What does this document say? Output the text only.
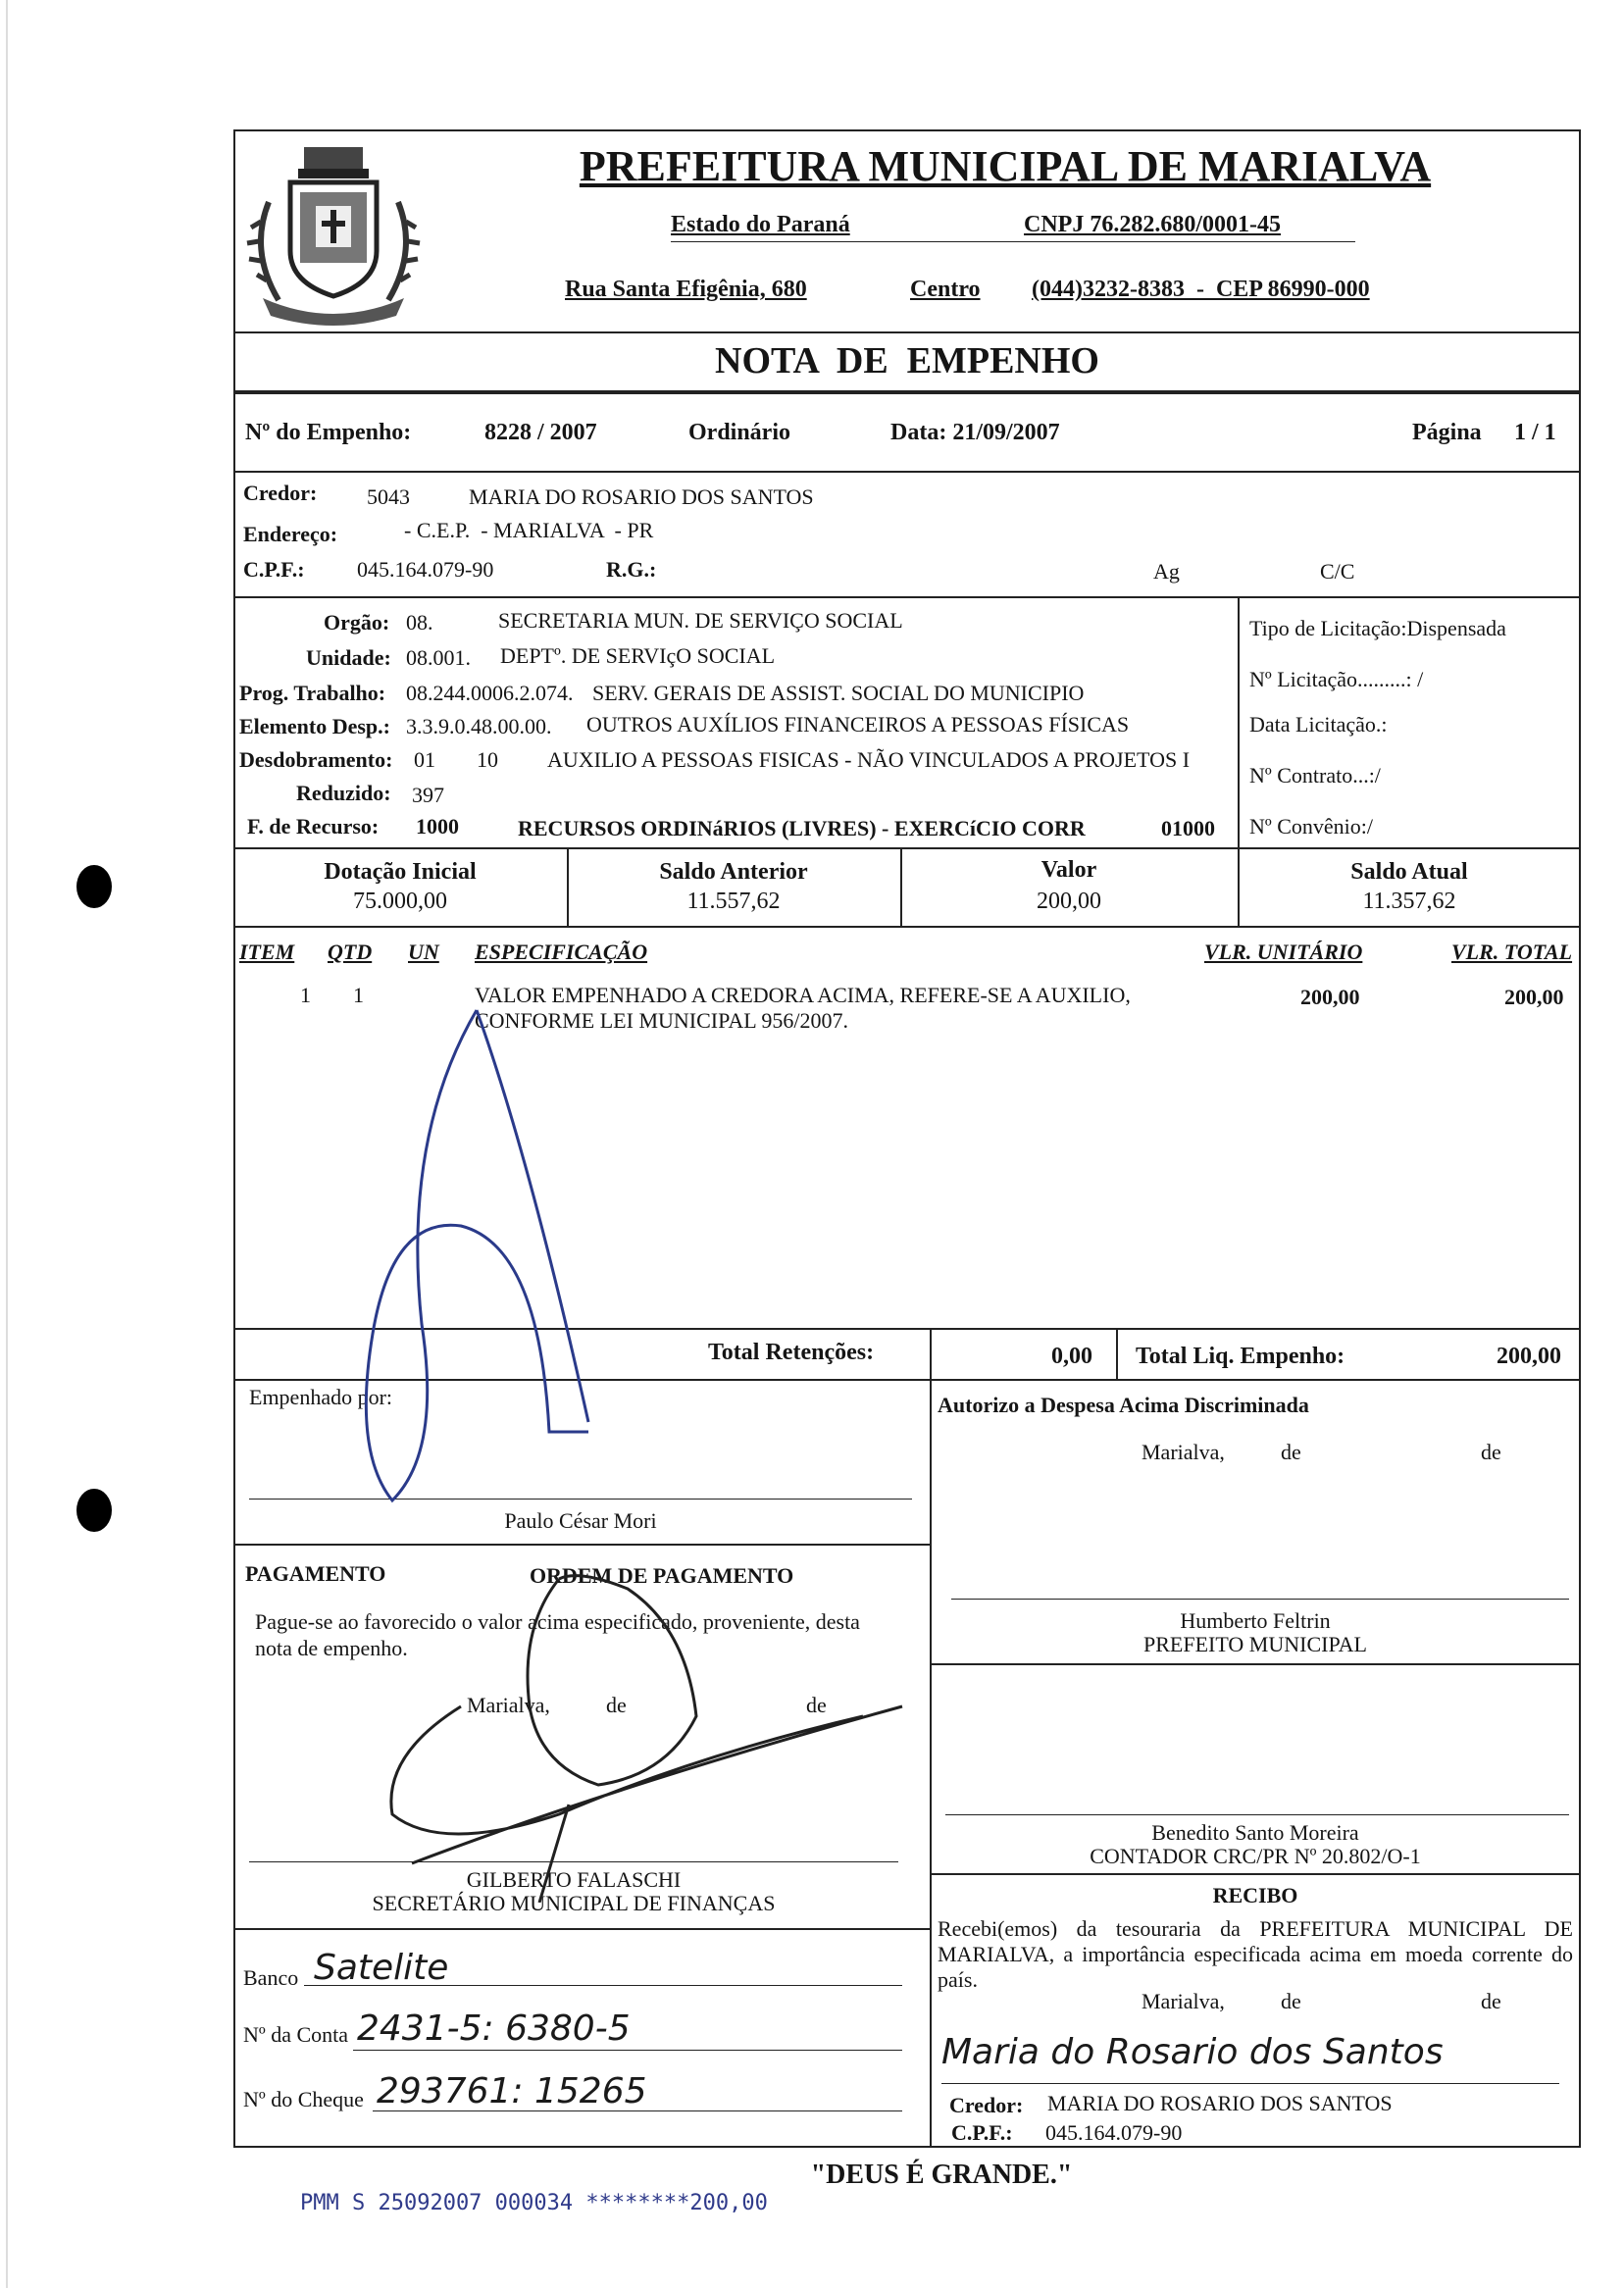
PREFEITURA MUNICIPAL DE MARIALVA
Estado do Paraná	CNPJ 76.282.680/0001-45
Rua Santa Efigênia, 680	Centro (044)3232-8383  -  CEP 86990-000
NOTA  DE  EMPENHO
Nº do Empenho:	8228 / 2007	Ordinário	Data: 21/09/2007	Página 1 / 1
Credor: 5043	MARIA DO ROSARIO DOS SANTOS
Endereço:	- C.E.P.  - MARIALVA  - PR
C.P.F.: 045.164.079-90	R.G.:	Ag	C/C
Orgão: 08.	SECRETARIA MUN. DE SERVIÇO SOCIAL
Unidade: 08.001. DEPTº. DE SERVIçO SOCIAL
Prog. Trabalho: 08.244.0006.2.074. SERV. GERAIS DE ASSIST. SOCIAL DO MUNICIPIO
Elemento Desp.: 3.3.9.0.48.00.00. OUTROS AUXÍLIOS FINANCEIROS A PESSOAS FÍSICAS
Desdobramento: 01 10 AUXILIO A PESSOAS FISICAS - NÃO VINCULADOS A PROJETOS I
Reduzido: 397
F. de Recurso: 1000	RECURSOS ORDINáRIOS (LIVRES) - EXERCíCIO CORR	01000
Tipo de Licitação:Dispensada
Nº Licitação.........: /
Data Licitação.:
Nº Contrato...:/
Nº Convênio:/
Dotação Inicial
75.000,00
Saldo Anterior
11.557,62
Valor
200,00
Saldo Atual
11.357,62
ITEM QTD UN ESPECIFICAÇÃO	VLR. UNITÁRIO	VLR. TOTAL
1 1	VALOR EMPENHADO A CREDORA ACIMA, REFERE-SE A AUXILIO,
CONFORME LEI MUNICIPAL 956/2007.
200,00	200,00
Total Retenções:	0,00 Total Liq. Empenho:	200,00
Empenhado por:
Paulo César Mori
PAGAMENTO	ORDEM DE PAGAMENTO
Pague-se ao favorecido o valor acima especificado, proveniente, desta nota de empenho.
Marialva,	de	de
GILBERTO FALASCHI
SECRETÁRIO MUNICIPAL DE FINANÇAS
Banco Satelite
Nº da Conta 2431-5: 6380-5
Nº do Cheque 293761: 15265
Autorizo a Despesa Acima Discriminada
Marialva,	de	de
Humberto Feltrin
PREFEITO MUNICIPAL
Benedito Santo Moreira
CONTADOR CRC/PR Nº 20.802/O-1
RECIBO
Recebi(emos) da tesouraria da PREFEITURA MUNICIPAL DE MARIALVA, a importância especificada acima em moeda corrente do país.
Marialva,	de	de
Maria do Rosario dos Santos
Credor: MARIA DO ROSARIO DOS SANTOS
C.P.F.: 045.164.079-90
"DEUS É GRANDE."
PMM S 25092007 000034 ********200,00
